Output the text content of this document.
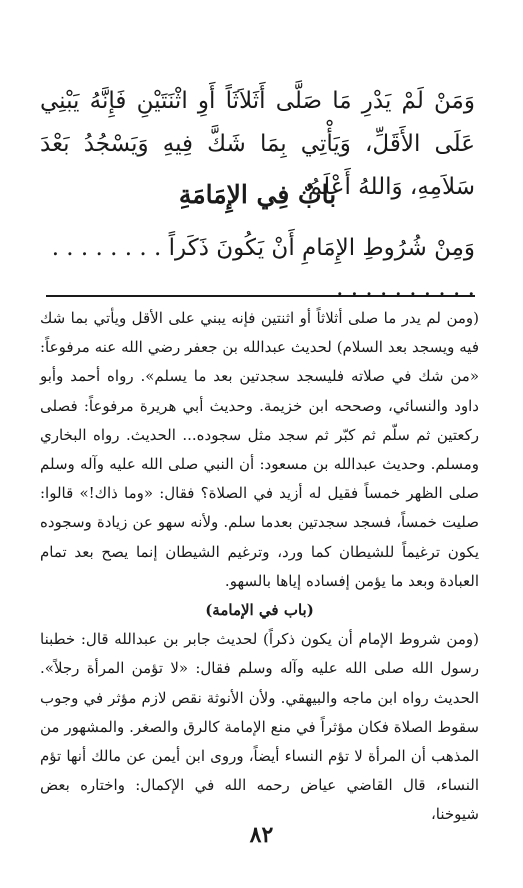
وَمَنْ لَمْ يَدْرِ مَا صَلَّى أَثَلاَثَاً أَوِ اثْنَتَيْنِ فَإِنَّهُ يَبْنِي عَلَى الأَقَلِّ، وَيَأْتِي بِمَا شَكَّ فِيهِ وَيَسْجُدُ بَعْدَ سَلاَمِهِ، وَاللهُ أَعْلَمُ.
بابٌ فِي الإِمَامَةِ
وَمِنْ شُرُوطِ الإِمَامِ أَنْ يَكُونَ ذَكَراً . . . . . . . . . . . . . . . . . .

(ومن لم يدر ما صلى أثلاثاً أو اثنتين فإنه يبني على الأقل ويأتي بما شك فيه ويسجد بعد السلام) لحديث عبدالله بن جعفر رضي الله عنه مرفوعاً: «من شك في صلاته فليسجد سجدتين بعد ما يسلم». رواه أحمد وأبو داود والنسائي، وصححه ابن خزيمة. وحديث أبي هريرة مرفوعاً: فصلى ركعتين ثم سلّم ثم كبّر ثم سجد مثل سجوده... الحديث. رواه البخاري ومسلم. وحديث عبدالله بن مسعود: أن النبي صلى الله عليه وآله وسلم صلى الظهر خمساً فقيل له أزيد في الصلاة؟ فقال: «وما ذاك!» قالوا: صليت خمساً، فسجد سجدتين بعدما سلم. ولأنه سهو عن زيادة وسجوده يكون ترغيماً للشيطان كما ورد، وترغيم الشيطان إنما يصح بعد تمام العبادة وبعد ما يؤمن إفساده إياها بالسهو.

(باب في الإمامة)

(ومن شروط الإمام أن يكون ذكراً) لحديث جابر بن عبدالله قال: خطبنا رسول الله صلى الله عليه وآله وسلم فقال: «لا تؤمن المرأة رجلاً». الحديث رواه ابن ماجه والبيهقي. ولأن الأنوثة نقص لازم مؤثر في وجوب سقوط الصلاة فكان مؤثراً في منع الإمامة كالرق والصغر. والمشهور من المذهب أن المرأة لا تؤم النساء أيضاً، وروى ابن أيمن عن مالك أنها تؤم النساء، قال القاضي عياض رحمه الله في الإكمال: واختاره بعض شيوخنا،

٨٢
